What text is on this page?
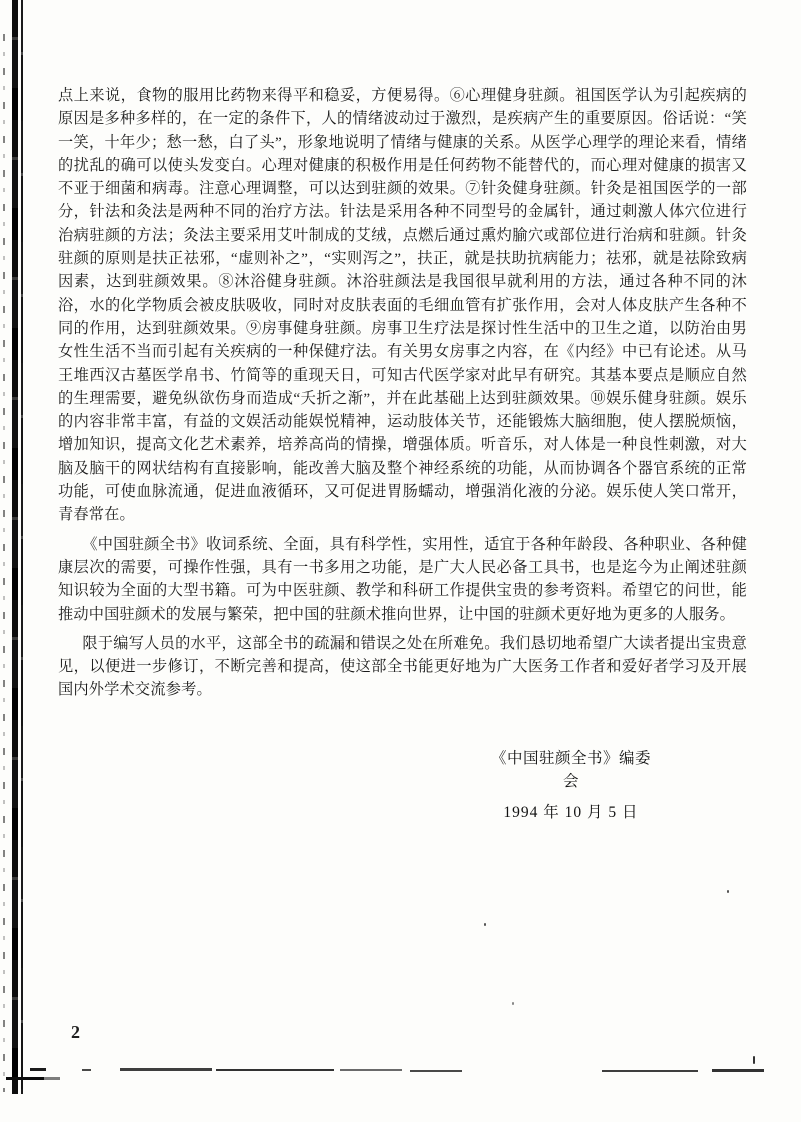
点上来说，食物的服用比药物来得平和稳妥，方便易得。⑥心理健身驻颜。祖国医学认为引起疾病的原因是多种多样的，在一定的条件下，人的情绪波动过于激烈，是疾病产生的重要原因。俗话说：“笑一笑，十年少；愁一愁，白了头”，形象地说明了情绪与健康的关系。从医学心理学的理论来看，情绪的扰乱的确可以使头发变白。心理对健康的积极作用是任何药物不能替代的，而心理对健康的损害又不亚于细菌和病毒。注意心理调整，可以达到驻颜的效果。⑦针灸健身驻颜。针灸是祖国医学的一部分，针法和灸法是两种不同的治疗方法。针法是采用各种不同型号的金属针，通过刺激人体穴位进行治病驻颜的方法；灸法主要采用艾叶制成的艾绒，点燃后通过熏灼腧穴或部位进行治病和驻颜。针灸驻颜的原则是扶正祛邪，“虚则补之”，“实则泻之”，扶正，就是扶助抗病能力；祛邪，就是祛除致病因素，达到驻颜效果。⑧沐浴健身驻颜。沐浴驻颜法是我国很早就利用的方法，通过各种不同的沐浴，水的化学物质会被皮肤吸收，同时对皮肤表面的毛细血管有扩张作用，会对人体皮肤产生各种不同的作用，达到驻颜效果。⑨房事健身驻颜。房事卫生疗法是探讨性生活中的卫生之道，以防治由男女性生活不当而引起有关疾病的一种保健疗法。有关男女房事之内容，在《内经》中已有论述。从马王堆西汉古墓医学帛书、竹简等的重现天日，可知古代医学家对此早有研究。其基本要点是顺应自然的生理需要，避免纵欲伤身而造成“夭折之渐”，并在此基础上达到驻颜效果。⑩娱乐健身驻颜。娱乐的内容非常丰富，有益的文娱活动能娱悦精神，运动肢体关节，还能锻炼大脑细胞，使人摆脱烦恼，增加知识，提高文化艺术素养，培养高尚的情操，增强体质。听音乐，对人体是一种良性刺激，对大脑及脑干的网状结构有直接影响，能改善大脑及整个神经系统的功能，从而协调各个器官系统的正常功能，可使血脉流通，促进血液循环，又可促进胃肠蠕动，增强消化液的分泌。娱乐使人笑口常开，青春常在。

《中国驻颜全书》收词系统、全面，具有科学性，实用性，适宜于各种年龄段、各种职业、各种健康层次的需要，可操作性强，具有一书多用之功能，是广大人民必备工具书，也是迄今为止阐述驻颜知识较为全面的大型书籍。可为中医驻颜、教学和科研工作提供宝贵的参考资料。希望它的问世，能推动中国驻颜术的发展与繁荣，把中国的驻颜术推向世界，让中国的驻颜术更好地为更多的人服务。

限于编写人员的水平，这部全书的疏漏和错误之处在所难免。我们恳切地希望广大读者提出宝贵意见，以便进一步修订，不断完善和提高，使这部全书能更好地为广大医务工作者和爱好者学习及开展国内外学术交流参考。

《中国驻颜全书》编委会
1994 年 10 月 5 日
2
